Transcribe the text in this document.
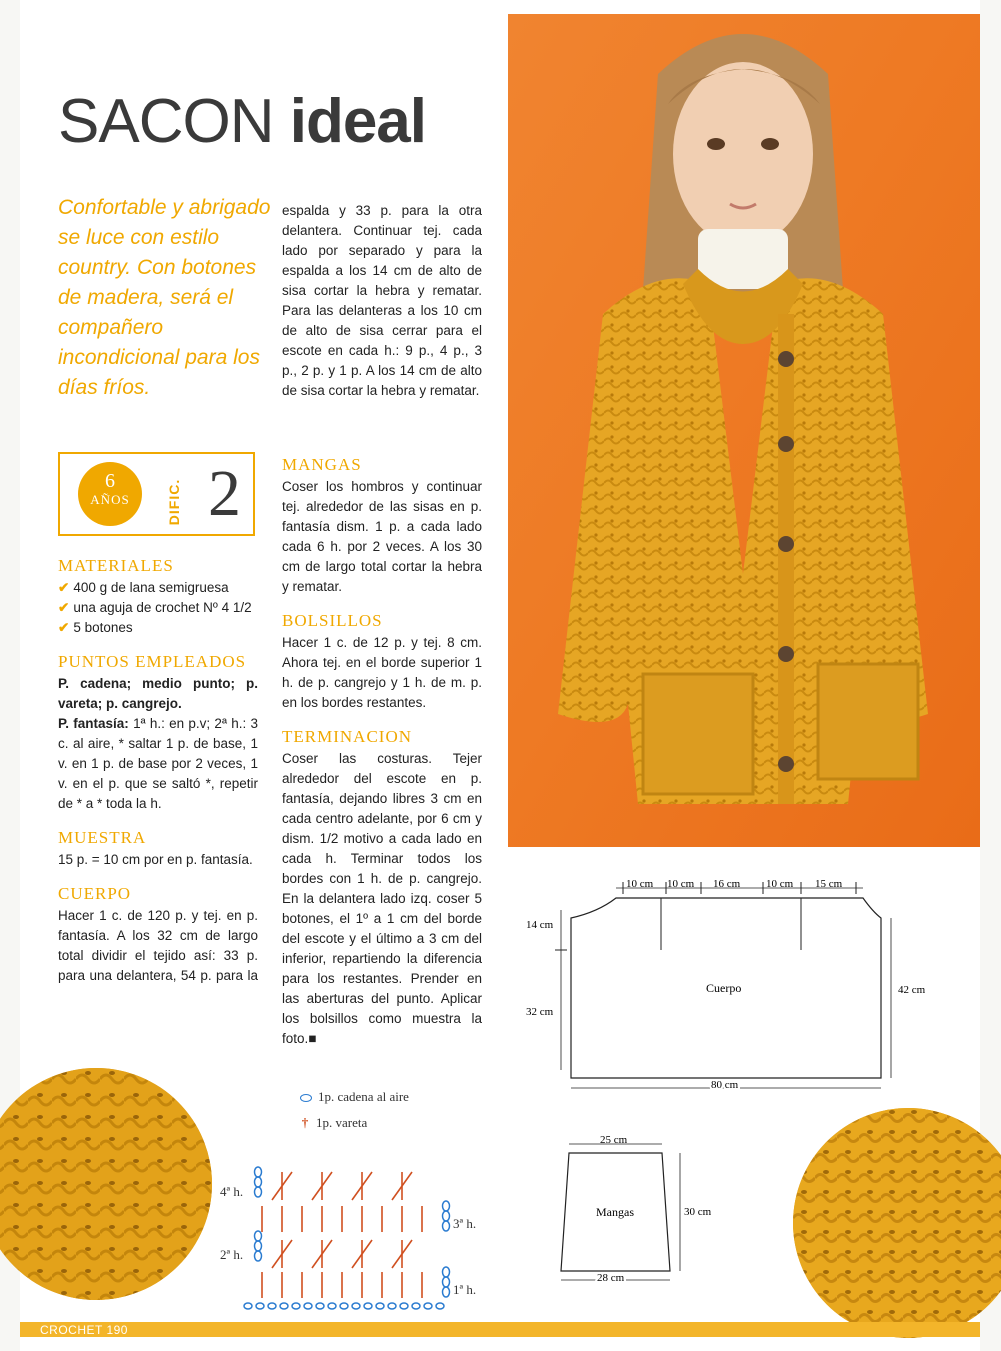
SACON ideal
Confortable y abrigado se luce con estilo country. Con botones de madera, será el compañero incondicional para los días fríos.
6
AÑOS	DIFIC. 2
MATERIALES

✔ 400 g de lana semigruesa

✔ una aguja de crochet Nº 4 1/2

✔ 5 botones

PUNTOS EMPLEADOS

P. cadena; medio punto; p. vareta; p. cangrejo.

P. fantasía: 1ª h.: en p.v; 2ª h.: 3 c. al aire, * saltar 1 p. de base, 1 v. en 1 p. de base por 2 veces, 1 v. en el p. que se saltó *, repetir de * a * toda la h.

MUESTRA

15 p. = 10 cm por en p. fantasía.

CUERPO

Hacer 1 c. de 120 p. y tej. en p. fantasía. A los 32 cm de largo total dividir el tejido así: 33 p. para una delantera, 54 p. para la

espalda y 33 p. para la otra delantera. Continuar tej. cada lado por separado y para la espalda a los 14 cm de alto de sisa cortar la hebra y rematar. Para las delanteras a los 10 cm de alto de sisa cerrar para el escote en cada h.: 9 p., 4 p., 3 p., 2 p. y 1 p. A los 14 cm de alto de sisa cortar la hebra y rematar.

MANGAS

Coser los hombros y continuar tej. alrededor de las sisas en p. fantasía dism. 1 p. a cada lado cada 6 h. por 2 veces. A los 30 cm de largo total cortar la hebra y rematar.

BOLSILLOS

Hacer 1 c. de 12 p. y tej. 8 cm. Ahora tej. en el borde superior 1 h. de p. cangrejo y 1 h. de m. p. en los bordes restantes.

TERMINACION

Coser las costuras. Tejer alrededor del escote en p. fantasía, dejando libres 3 cm en cada centro adelante, por 6 cm y dism. 1/2 motivo a cada lado en cada h. Terminar todos los bordes con 1 h. de p. cangrejo. En la delantera lado izq. coser 5 botones, el 1º a 1 cm del borde del escote y el último a 3 cm del inferior, repartiendo la diferencia para los restantes. Prender en las aberturas del punto. Aplicar los bolsillos como muestra la foto.■

10 cm 10 cm 16 cm 10 cm 15 cm
14 cm
32 cm
42 cm
80 cm
Cuerpo
25 cm
30 cm
28 cm
Mangas
1p. cadena al aire
† 1p. vareta
4ª h.
2ª h.
3ª h.
1ª h.
CROCHET 190
